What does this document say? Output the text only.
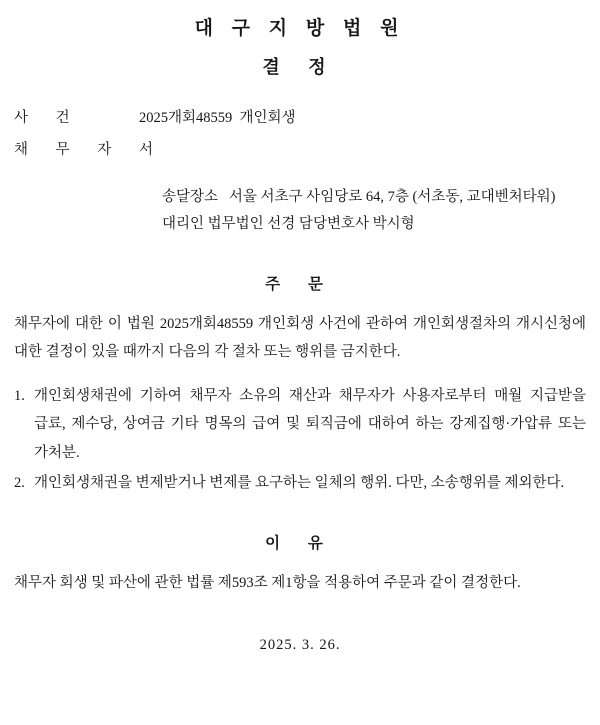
대 구 지 방 법 원
결 정
사 건	2025개회48559  개인회생
채 무 자	서
송달장소   서울 서초구 사임당로 64, 7층 (서초동, 교대벤처타워)
대리인 법무법인 선경 담당변호사 박시형
주 문
채무자에 대한 이 법원 2025개회48559 개인회생 사건에 관하여 개인회생절차의 개시신청에 대한 결정이 있을 때까지 다음의 각 절차 또는 행위를 금지한다.
1. 개인회생채권에 기하여 채무자 소유의 재산과 채무자가 사용자로부터 매월 지급받을 급료, 제수당, 상여금 기타 명목의 급여 및 퇴직금에 대하여 하는 강제집행·가압류 또는 가처분.
2. 개인회생채권을 변제받거나 변제를 요구하는 일체의 행위. 다만, 소송행위를 제외한다.
이 유
채무자 회생 및 파산에 관한 법률 제593조 제1항을 적용하여 주문과 같이 결정한다.
2025. 3. 26.
